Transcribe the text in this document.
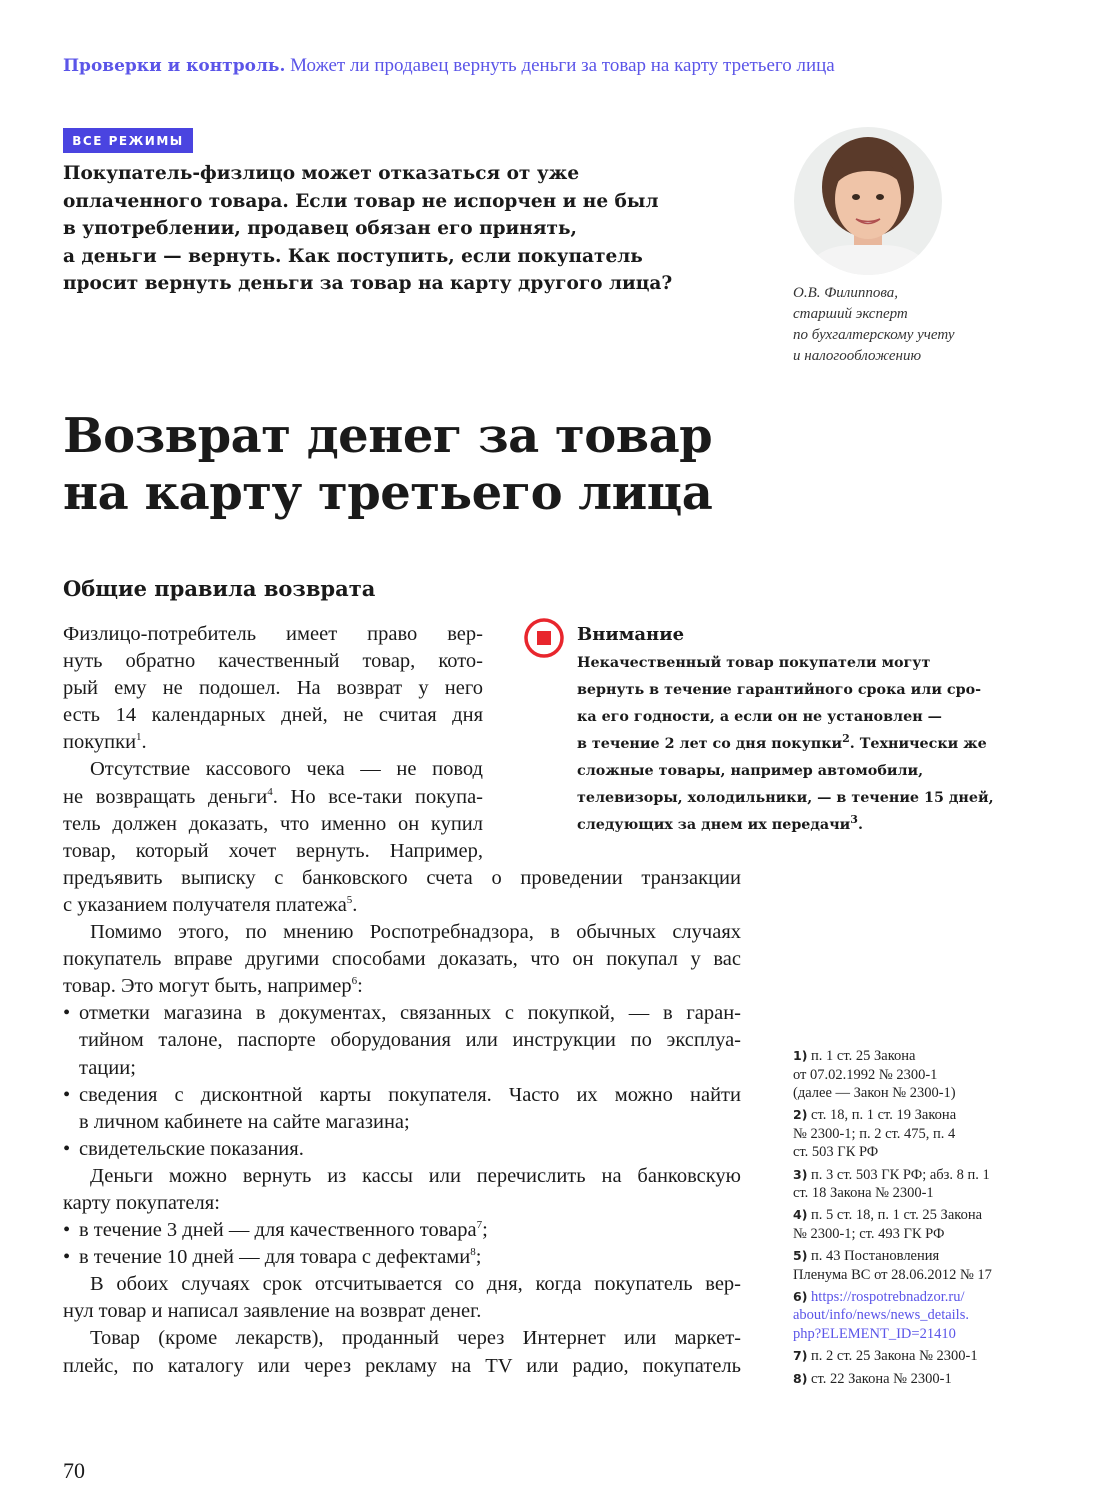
Проверки и контроль. Может ли продавец вернуть деньги за товар на карту третьего лица
ВСЕ РЕЖИМЫ
Покупатель-физлицо может отказаться от уже
оплаченного товара. Если товар не испорчен и не был
в употреблении, продавец обязан его принять,
а деньги — вернуть. Как поступить, если покупатель
просит вернуть деньги за товар на карту другого лица?	О.В. Филиппова,
старший эксперт
по бухгалтерскому учету
и налогообложению
Возврат денег за товар
на карту третьего лица
Общие правила возврата
Внимание
Некачественный товар покупатели могут
вернуть в течение гарантийного срока или сро-
ка его годности, а если он не установлен —
в течение 2 лет со дня покупки$^2$. Технически же
сложные товары, например автомобили,
телевизоры, холодильники, — в течение 15 дней,
следующих за днем их передачи$^3$.
Физлицо-потребитель имеет право вер-
нуть обратно качественный товар, кото-
рый ему не подошел. На возврат у него
есть 14 календарных дней, не считая дня
покупки$^1$.
Отсутствие кассового чека — не повод
не возвращать деньги$^4$. Но все-таки покупа-
тель должен доказать, что именно он купил
товар, который хочет вернуть. Например,
предъявить выписку с банковского счета о проведении транзакции
с указанием получателя платежа$^5$.
Помимо этого, по мнению Роспотребнадзора, в обычных случаях
покупатель вправе другими способами доказать, что он покупал у вас
товар. Это могут быть, например$^6$:
• отметки магазина в документах, связанных с покупкой, — в гаран-
тийном талоне, паспорте оборудования или инструкции по эксплуа-
тации;
• сведения с дисконтной карты покупателя. Часто их можно найти
в личном кабинете на сайте магазина;
• свидетельские показания.
Деньги можно вернуть из кассы или перечислить на банковскую
карту покупателя:
• в течение 3 дней — для качественного товара$^7$;
• в течение 10 дней — для товара с дефектами$^8$;
В обоих случаях срок отсчитывается со дня, когда покупатель вер-
нул товар и написал заявление на возврат денег.
Товар (кроме лекарств), проданный через Интернет или маркет-
плейс, по каталогу или через рекламу на TV или радио, покупатель
1) п. 1 ст. 25 Закона
от 07.02.1992 № 2300-1
(далее — Закон № 2300-1)
2) ст. 18, п. 1 ст. 19 Закона
№ 2300-1; п. 2 ст. 475, п. 4
ст. 503 ГК РФ
3) п. 3 ст. 503 ГК РФ; абз. 8 п. 1
ст. 18 Закона № 2300-1
4) п. 5 ст. 18, п. 1 ст. 25 Закона
№ 2300-1; ст. 493 ГК РФ
5) п. 43 Постановления
Пленума ВС от 28.06.2012 № 17
6) https://rospotrebnadzor.ru/
about/info/news/news_details.
php?ELEMENT_ID=21410
7) п. 2 ст. 25 Закона № 2300-1
8) ст. 22 Закона № 2300-1
70
